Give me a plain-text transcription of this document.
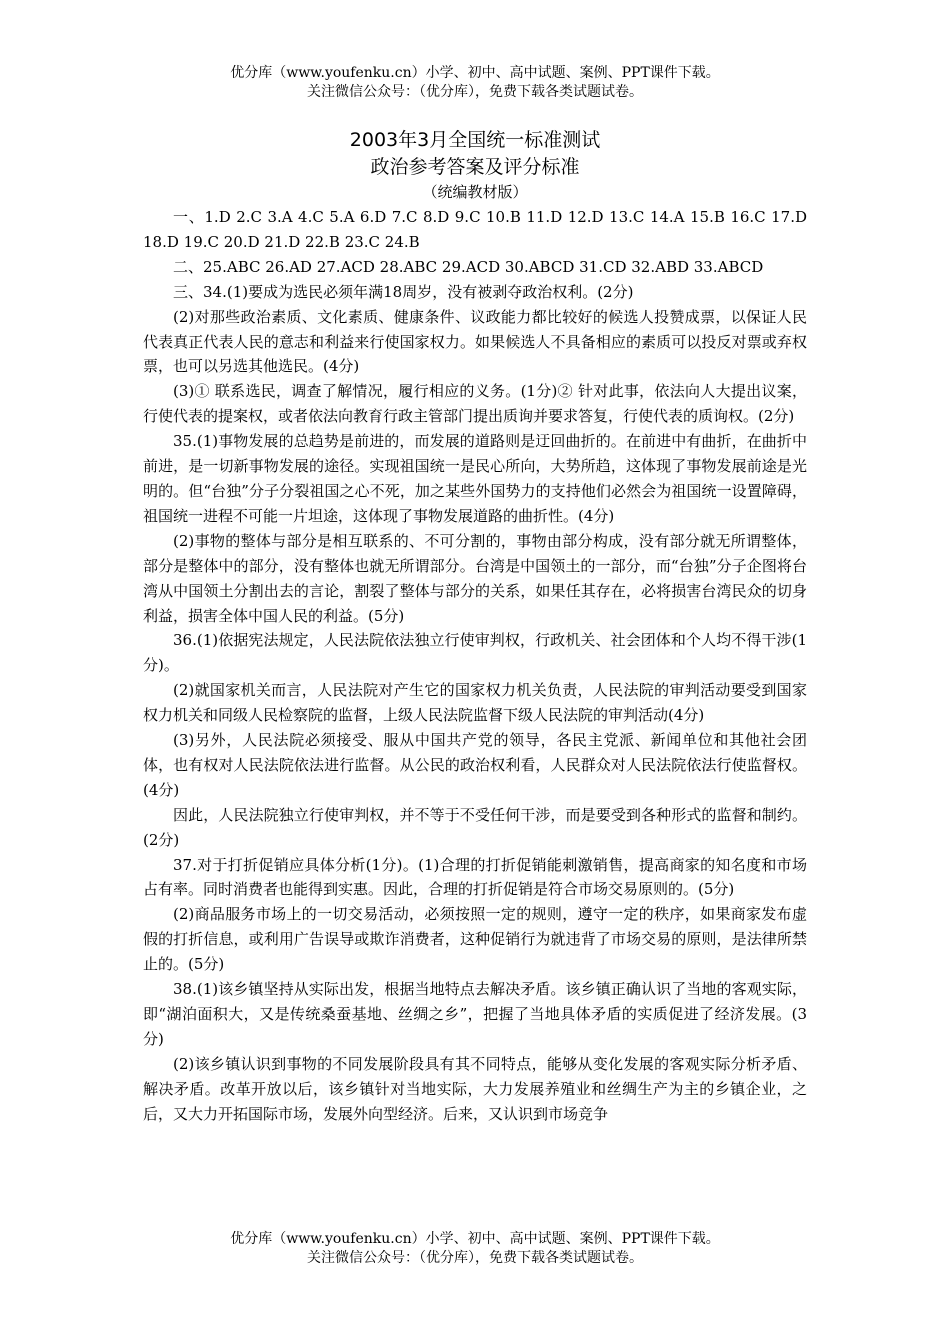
优分库（www.youfenku.cn）小学、初中、高中试题、案例、PPT课件下载。
关注微信公众号：（优分库），免费下载各类试题试卷。
2003年3月全国统一标准测试
政治参考答案及评分标准
（统编教材版）

一、1.D 2.C 3.A 4.C 5.A 6.D 7.C 8.D 9.C 10.B 11.D 12.D 13.C 14.A 15.B 16.C 17.D 18.D 19.C 20.D 21.D 22.B 23.C 24.B

二、25.ABC 26.AD 27.ACD 28.ABC 29.ACD 30.ABCD 31.CD 32.ABD 33.ABCD

三、34.(1)要成为选民必须年满18周岁，没有被剥夺政治权利。(2分)

(2)对那些政治素质、文化素质、健康条件、议政能力都比较好的候选人投赞成票，以保证人民代表真正代表人民的意志和利益来行使国家权力。如果候选人不具备相应的素质可以投反对票或弃权票，也可以另选其他选民。(4分)

(3)① 联系选民，调查了解情况，履行相应的义务。(1分)② 针对此事，依法向人大提出议案，行使代表的提案权，或者依法向教育行政主管部门提出质询并要求答复，行使代表的质询权。(2分)

35.(1)事物发展的总趋势是前进的，而发展的道路则是迂回曲折的。在前进中有曲折，在曲折中前进，是一切新事物发展的途径。实现祖国统一是民心所向，大势所趋，这体现了事物发展前途是光明的。但“台独”分子分裂祖国之心不死，加之某些外国势力的支持他们必然会为祖国统一设置障碍，祖国统一进程不可能一片坦途，这体现了事物发展道路的曲折性。(4分)

(2)事物的整体与部分是相互联系的、不可分割的，事物由部分构成，没有部分就无所谓整体，部分是整体中的部分，没有整体也就无所谓部分。台湾是中国领土的一部分，而“台独”分子企图将台湾从中国领土分割出去的言论，割裂了整体与部分的关系，如果任其存在，必将损害台湾民众的切身利益，损害全体中国人民的利益。(5分)

36.(1)依据宪法规定，人民法院依法独立行使审判权，行政机关、社会团体和个人均不得干涉(1分)。

(2)就国家机关而言，人民法院对产生它的国家权力机关负责，人民法院的审判活动要受到国家权力机关和同级人民检察院的监督，上级人民法院监督下级人民法院的审判活动(4分)

(3)另外，人民法院必须接受、服从中国共产党的领导，各民主党派、新闻单位和其他社会团体，也有权对人民法院依法进行监督。从公民的政治权利看，人民群众对人民法院依法行使监督权。(4分)

因此，人民法院独立行使审判权，并不等于不受任何干涉，而是要受到各种形式的监督和制约。(2分)

37.对于打折促销应具体分析(1分)。(1)合理的打折促销能刺激销售，提高商家的知名度和市场占有率。同时消费者也能得到实惠。因此，合理的打折促销是符合市场交易原则的。(5分)

(2)商品服务市场上的一切交易活动，必须按照一定的规则，遵守一定的秩序，如果商家发布虚假的打折信息，或利用广告误导或欺诈消费者，这种促销行为就违背了市场交易的原则，是法律所禁止的。(5分)

38.(1)该乡镇坚持从实际出发，根据当地特点去解决矛盾。该乡镇正确认识了当地的客观实际，即“湖泊面积大，又是传统桑蚕基地、丝绸之乡”，把握了当地具体矛盾的实质促进了经济发展。(3分)

(2)该乡镇认识到事物的不同发展阶段具有其不同特点，能够从变化发展的客观实际分析矛盾、解决矛盾。改革开放以后，该乡镇针对当地实际，大力发展养殖业和丝绸生产为主的乡镇企业，之后，又大力开拓国际市场，发展外向型经济。后来，又认识到市场竞争

优分库（www.youfenku.cn）小学、初中、高中试题、案例、PPT课件下载。
关注微信公众号：（优分库），免费下载各类试题试卷。
